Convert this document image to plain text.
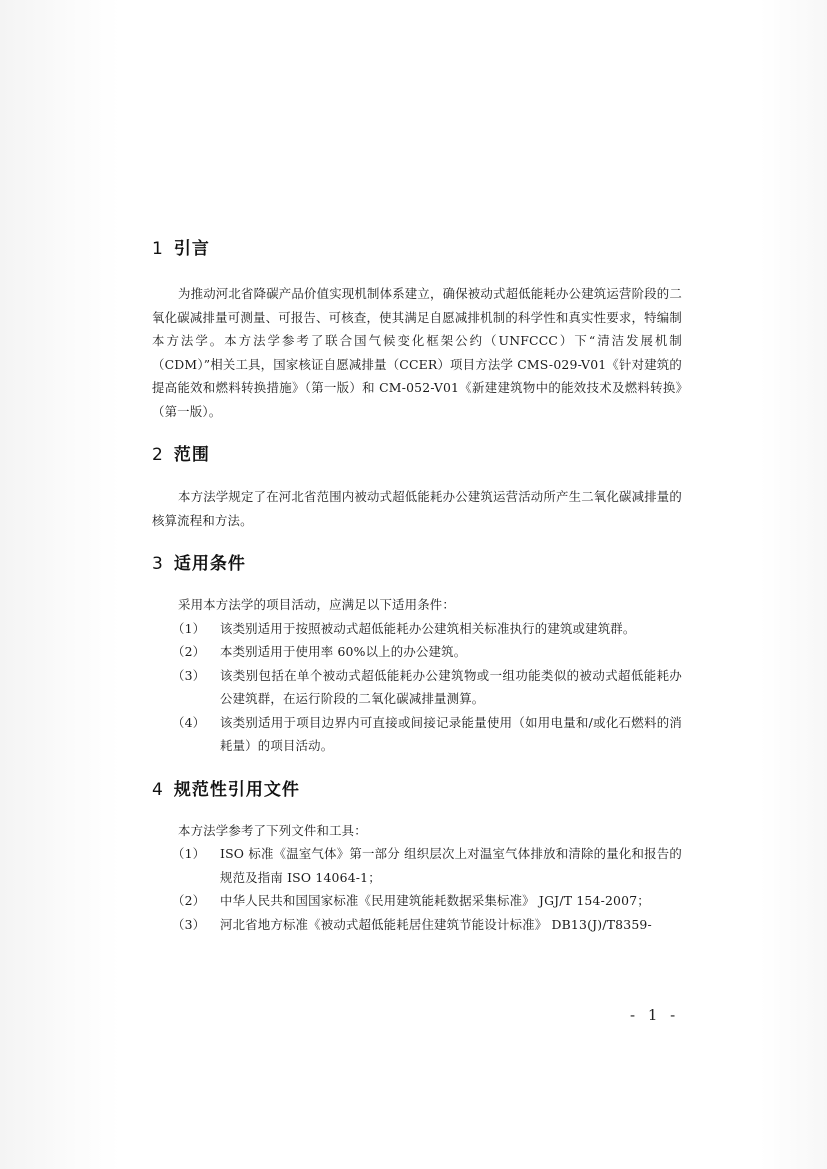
1 引言

为推动河北省降碳产品价值实现机制体系建立，确保被动式超低能耗办公建筑运营阶段的二氧化碳减排量可测量、可报告、可核查，使其满足自愿减排机制的科学性和真实性要求，特编制本方法学。本方法学参考了联合国气候变化框架公约（UNFCCC）下“清洁发展机制（CDM）”相关工具，国家核证自愿减排量（CCER）项目方法学 CMS-029-V01《针对建筑的提高能效和燃料转换措施》（第一版）和 CM-052-V01《新建建筑物中的能效技术及燃料转换》（第一版）。

2 范围

本方法学规定了在河北省范围内被动式超低能耗办公建筑运营活动所产生二氧化碳减排量的核算流程和方法。

3 适用条件

采用本方法学的项目活动，应满足以下适用条件：

（1）	该类别适用于按照被动式超低能耗办公建筑相关标准执行的建筑或建筑群。
（2）	本类别适用于使用率 60%以上的办公建筑。
（3）	该类别包括在单个被动式超低能耗办公建筑物或一组功能类似的被动式超低能耗办公建筑群，在运行阶段的二氧化碳减排量测算。
（4）	该类别适用于项目边界内可直接或间接记录能量使用（如用电量和/或化石燃料的消耗量）的项目活动。
4 规范性引用文件

本方法学参考了下列文件和工具：

（1）	ISO 标准《温室气体》第一部分 组织层次上对温室气体排放和清除的量化和报告的规范及指南 ISO 14064-1；
（2）	中华人民共和国国家标准《民用建筑能耗数据采集标准》 JGJ/T 154-2007；
（3）	河北省地方标准《被动式超低能耗居住建筑节能设计标准》 DB13(J)/T8359-
- 1 -
